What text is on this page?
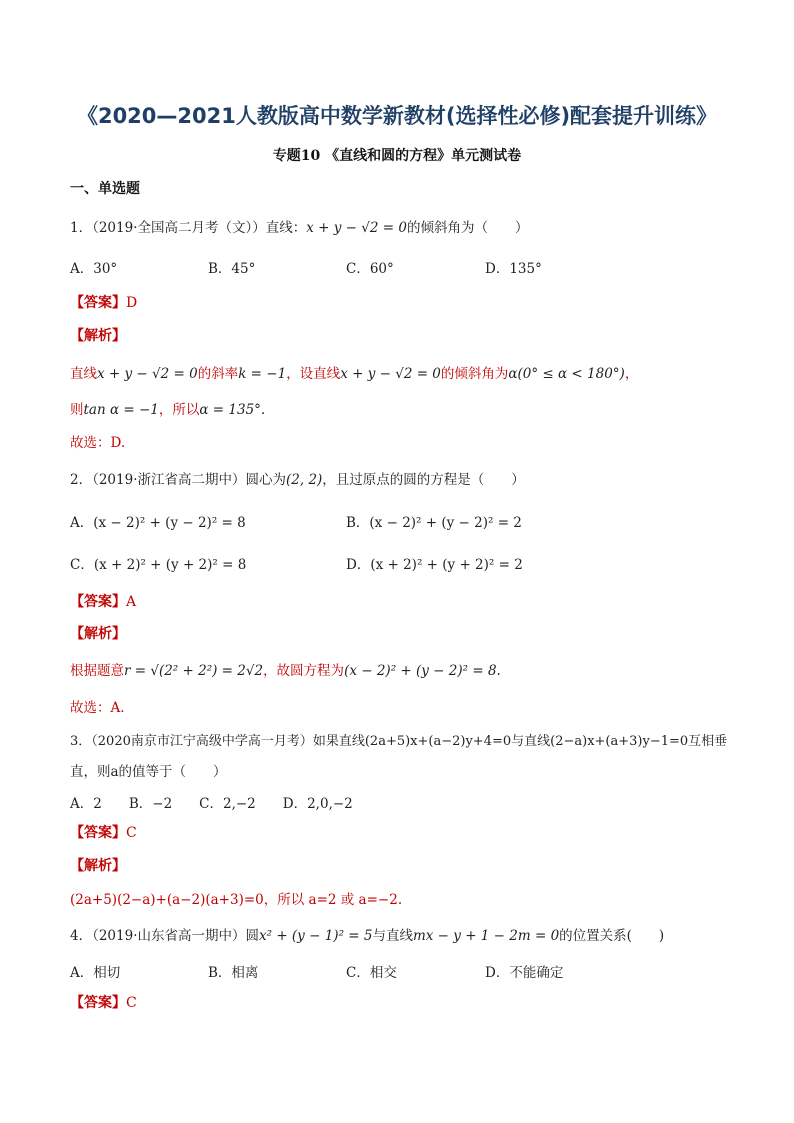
《2020—2021人教版高中数学新教材(选择性必修)配套提升训练》
专题10 《直线和圆的方程》单元测试卷
一、单选题
1．（2019·全国高二月考（文））直线：x + y − √2 = 0的倾斜角为（　　）
A．30°	B．45°	C．60°	D．135°
【答案】D
【解析】
直线x + y − √2 = 0的斜率k = −1，设直线x + y − √2 = 0的倾斜角为α(0° ≤ α < 180°)，
则tan α = −1，所以α = 135°.
故选：D.
2．（2019·浙江省高二期中）圆心为(2, 2)，且过原点的圆的方程是（　　）
A．(x − 2)² + (y − 2)² = 8	B．(x − 2)² + (y − 2)² = 2
C．(x + 2)² + (y + 2)² = 8	D．(x + 2)² + (y + 2)² = 2
【答案】A
【解析】
根据题意r = √(2² + 2²) = 2√2，故圆方程为(x − 2)² + (y − 2)² = 8.
故选：A.
3．（2020南京市江宁高级中学高一月考）如果直线(2a+5)x+(a−2)y+4=0与直线(2−a)x+(a+3)y−1=0互相垂
直，则a的值等于（　　）
A．2　　B．−2　　C．2,−2　　D．2,0,−2
【答案】C
【解析】
(2a+5)(2−a)+(a−2)(a+3)=0，所以 a=2 或 a=−2.
4．（2019·山东省高一期中）圆x² + (y − 1)² = 5与直线mx − y + 1 − 2m = 0的位置关系(　　)
A．相切	B．相离	C．相交	D．不能确定
【答案】C
